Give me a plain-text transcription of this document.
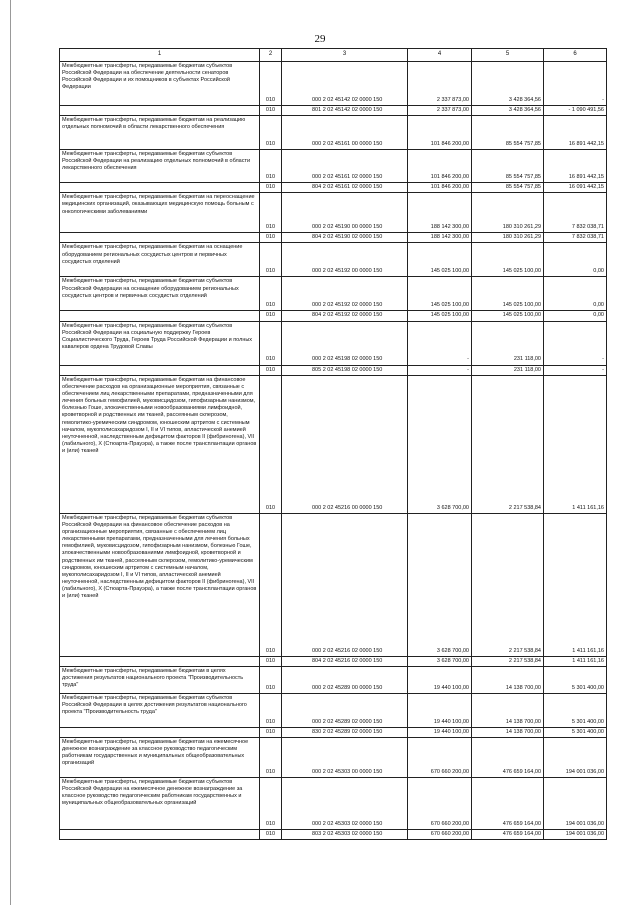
29
1	2	3	4	5	6
Межбюджетные трансферты, передаваемые бюджетам субъектов Российской Федерации на обеспечение деятельности сенаторов Российской Федерации и их помощников в субъектах Российской Федерации	010	000 2 02 45142 02 0000 150	2 337 873,00	3 428 364,56	-
	010	801 2 02 45142 02 0000 150	2 337 873,00	3 428 364,56	- 1 090 491,56
Межбюджетные трансферты, передаваемые бюджетам на реализацию отдельных полномочий в области лекарственного обеспечения	010	000 2 02 45161 00 0000 150	101 846 200,00	85 554 757,85	16 891 442,15
Межбюджетные трансферты, передаваемые бюджетам субъектов Российской Федерации на реализацию отдельных полномочий в области лекарственного обеспечения	010	000 2 02 45161 02 0000 150	101 846 200,00	85 554 757,85	16 891 442,15
	010	804 2 02 45161 02 0000 150	101 846 200,00	85 554 757,85	16 091 442,15
Межбюджетные трансферты, передаваемые бюджетам на переоснащение медицинских организаций, оказывающих медицинскую помощь больным с онкологическими заболеваниями	010	000 2 02 45190 00 0000 150	188 142 300,00	180 310 261,29	7 832 038,71
	010	804 2 02 45190 02 0000 150	188 142 300,00	180 310 261,29	7 832 038,71
Межбюджетные трансферты, передаваемые бюджетам на оснащение оборудованием региональных сосудистых центров и первичных сосудистых отделений	010	000 2 02 45192 00 0000 150	145 025 100,00	145 025 100,00	0,00
Межбюджетные трансферты, передаваемые бюджетам субъектов Российской Федерации на оснащение оборудованием региональных сосудистых центров и первичных сосудистых отделений	010	000 2 02 45192 02 0000 150	145 025 100,00	145 025 100,00	0,00
	010	804 2 02 45192 02 0000 150	145 025 100,00	145 025 100,00	0,00
Межбюджетные трансферты, передаваемые бюджетам субъектов Российской Федерации на социальную поддержку Героев Социалистического Труда, Героев Труда Российской Федерации и полных кавалеров ордена Трудовой Славы	010	000 2 02 45198 02 0000 150	-	231 118,00	-
	010	805 2 02 45198 02 0000 150	-	231 118,00	-
Межбюджетные трансферты, передаваемые бюджетам на финансовое обеспечение расходов на организационные мероприятия, связанные с обеспечением лиц лекарственными препаратами, предназначенными для лечения больных гемофилией, муковисцидозом, гипофизарным нанизмом, болезнью Гоше, злокачественными новообразованиями лимфоидной, кроветворной и родственных им тканей, рассеянным склерозом, гемолитико-уремическим синдромом, юношеским артритом с системным началом, мукополисахаридозом I, II и VI типов, апластической анемией неуточненной, наследственным дефицитом факторов II (фибриногена), VII (лабильного), X (Стюарта-Прауэра), а также после трансплантации органов и (или) тканей	010	000 2 02 45216 00 0000 150	3 628 700,00	2 217 538,84	1 411 161,16
Межбюджетные трансферты, передаваемые бюджетам субъектов Российской Федерации на финансовое обеспечение расходов на организационные мероприятия, связанные с обеспечением лиц лекарственными препаратами, предназначенными для лечения больных гемофилией, муковисцидозом, гипофизарным нанизмом, болезнью Гоше, злокачественными новообразованиями лимфоидной, кроветворной и родственных им тканей, рассеянным склерозом, гемолитико-уремическим синдромом, юношеским артритом с системным началом, мукополисахаридозом I, II и VI типов, апластической анемией неуточненной, наследственным дефицитом факторов II (фибриногена), VII (лабильного), X (Стюарта-Прауэра), а также после трансплантации органов и (или) тканей	010	000 2 02 45216 02 0000 150	3 628 700,00	2 217 538,84	1 411 161,16
	010	804 2 02 45216 02 0000 150	3 628 700,00	2 217 538,84	1 411 161,16
Межбюджетные трансферты, передаваемые бюджетам в целях достижения результатов национального проекта "Производительность труда"	010	000 2 02 45289 00 0000 150	19 440 100,00	14 138 700,00	5 301 400,00
Межбюджетные трансферты, передаваемые бюджетам субъектов Российской Федерации в целях достижения результатов национального проекта "Производительность труда"	010	000 2 02 45289 02 0000 150	19 440 100,00	14 138 700,00	5 301 400,00
	010	830 2 02 45289 02 0000 150	19 440 100,00	14 138 700,00	5 301 400,00
Межбюджетные трансферты, передаваемые бюджетам на ежемесячное денежное вознаграждение за классное руководство педагогическим работникам государственных и муниципальных общеобразовательных организаций	010	000 2 02 45303 00 0000 150	670 660 200,00	476 659 164,00	194 001 036,00
Межбюджетные трансферты, передаваемые бюджетам субъектов Российской Федерации на ежемесячное денежное вознаграждение за классное руководство педагогическим работникам государственных и муниципальных общеобразовательных организаций	010	000 2 02 45303 02 0000 150	670 660 200,00	476 659 164,00	194 001 036,00
	010	803 2 02 45303 02 0000 150	670 660 200,00	476 659 164,00	194 001 036,00
